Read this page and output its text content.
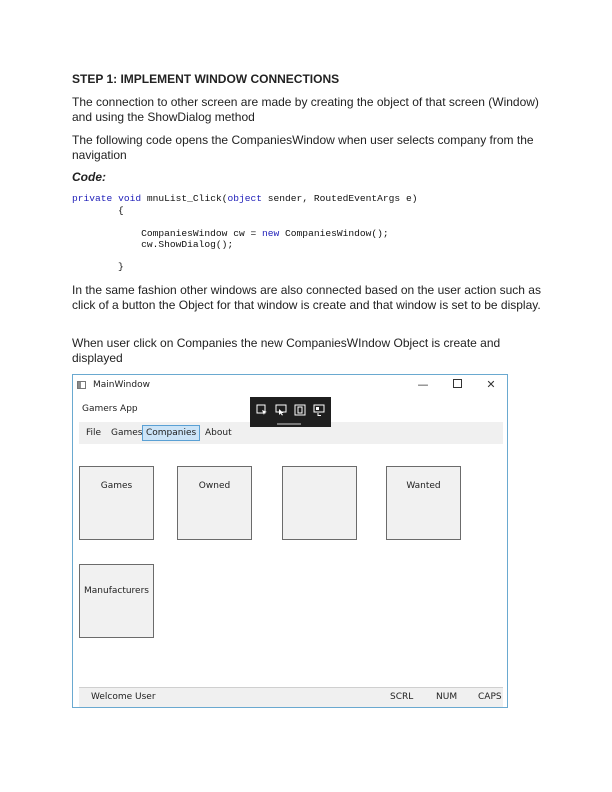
STEP 1: IMPLEMENT WINDOW CONNECTIONS
The connection to other screen are made by creating the object of that screen (Window) and using the ShowDialog method
The following code opens the CompaniesWindow when user selects company from the navigation
Code:
private void mnuList_Click(object sender, RoutedEventArgs e)
{
CompaniesWindow cw = new CompaniesWindow();
cw.ShowDialog();
}
In the same fashion other windows are also connected based on the user action such as click of a button the Object for that window is create and that window is set to be display.
When user click on Companies the new CompaniesWIndow Object is create and displayed
MainWindow	—	✕
Gamers App
File	Games Companies About
Games	Owned	Wanted
Manufacturers
Welcome User	SCRL	NUM CAPS
